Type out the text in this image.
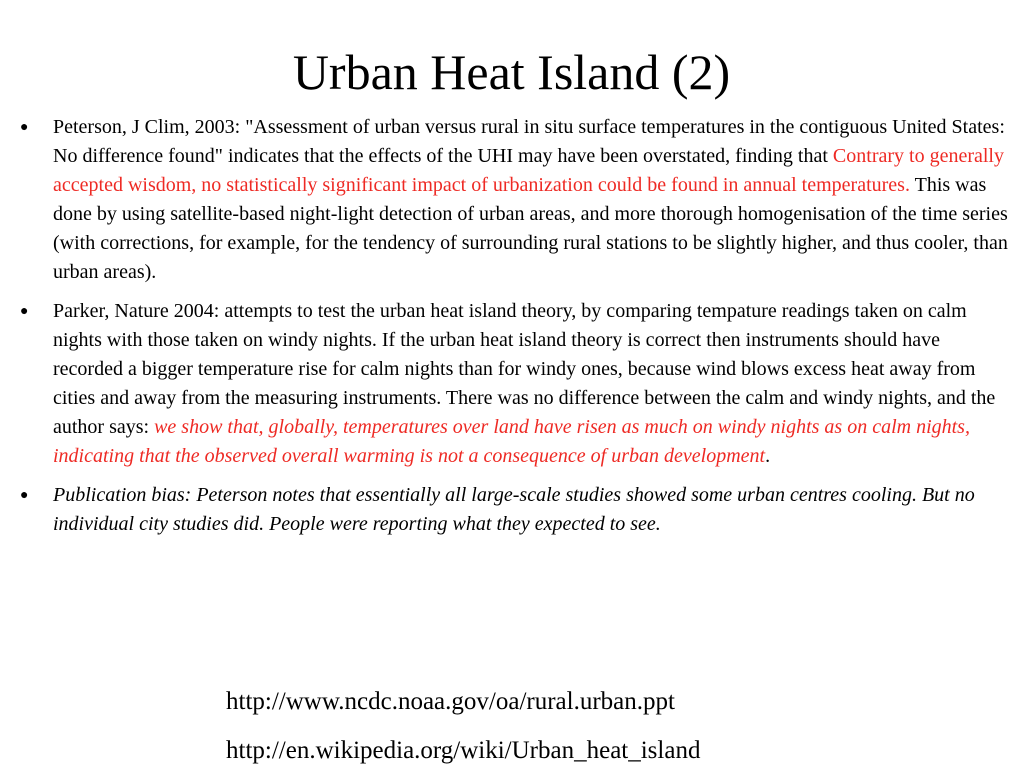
Urban Heat Island (2)
● Peterson, J Clim, 2003: "Assessment of urban versus rural in situ surface temperatures in the contiguous United States: No difference found" indicates that the effects of the UHI may have been overstated, finding that Contrary to generally accepted wisdom, no statistically significant impact of urbanization could be found in annual temperatures. This was done by using satellite-based night-light detection of urban areas, and more thorough homogenisation of the time series (with corrections, for example, for the tendency of surrounding rural stations to be slightly higher, and thus cooler, than urban areas).
● Parker, Nature 2004: attempts to test the urban heat island theory, by comparing tempature readings taken on calm nights with those taken on windy nights. If the urban heat island theory is correct then instruments should have recorded a bigger temperature rise for calm nights than for windy ones, because wind blows excess heat away from cities and away from the measuring instruments. There was no difference between the calm and windy nights, and the author says: we show that, globally, temperatures over land have risen as much on windy nights as on calm nights, indicating that the observed overall warming is not a consequence of urban development.
● Publication bias: Peterson notes that essentially all large-scale studies showed some urban centres cooling. But no individual city studies did. People were reporting what they expected to see.
http://www.ncdc.noaa.gov/oa/rural.urban.ppt
http://en.wikipedia.org/wiki/Urban_heat_island
